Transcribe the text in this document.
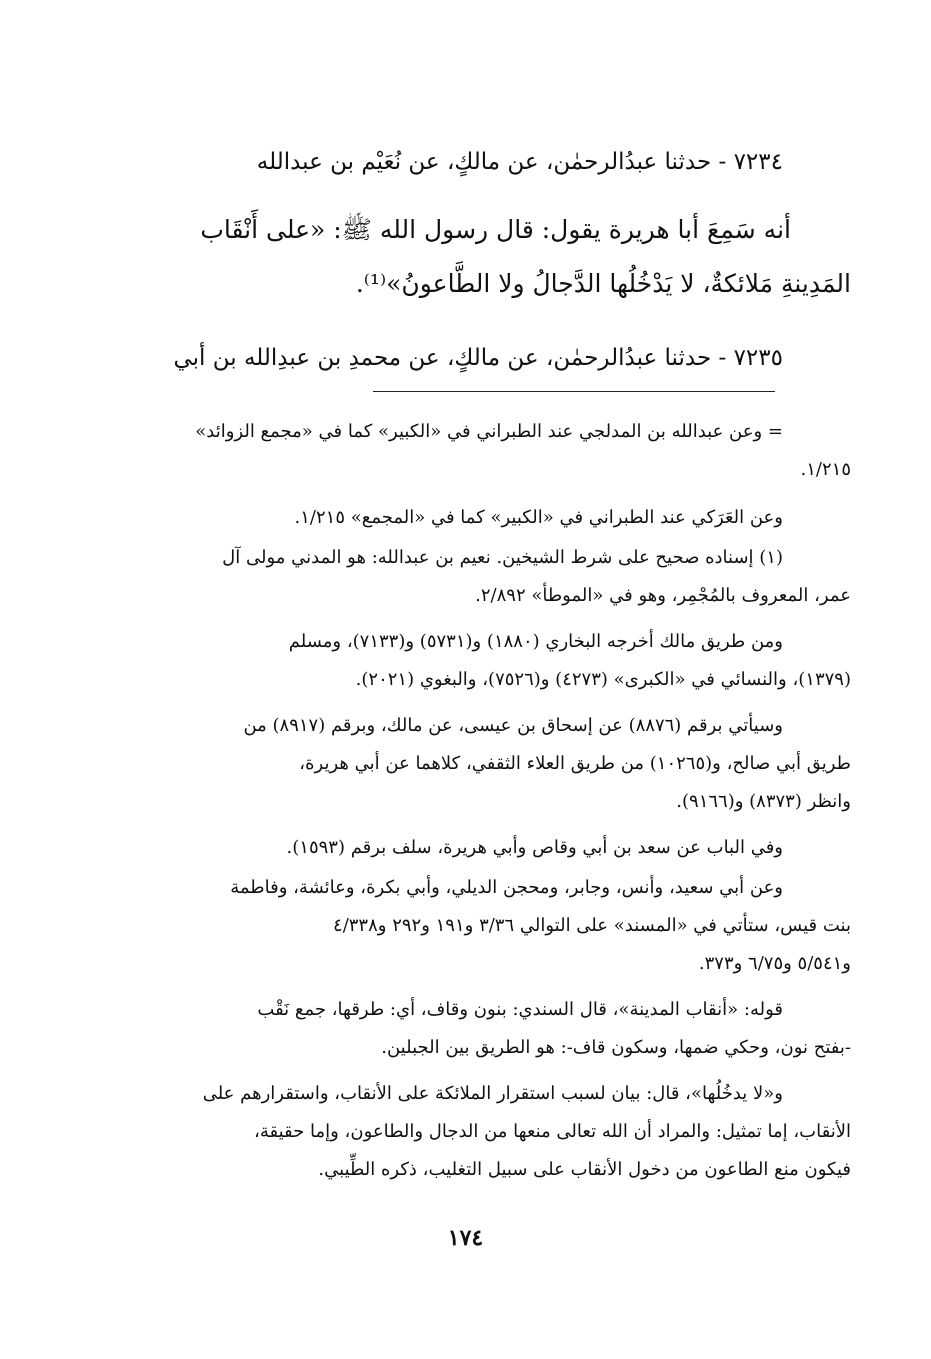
٧٢٣٤ - حدثنا عبدُالرحمٰن، عن مالكٍ، عن نُعَيْم بن عبدالله

أنه سَمِعَ أبا هريرة يقول: قال رسول الله ﷺ: «على أَنْقَاب

المَدِينةِ مَلائكةٌ، لا يَدْخُلُها الدَّجالُ ولا الطَّاعونُ»⁽¹⁾.

٧٢٣٥ - حدثنا عبدُالرحمٰن، عن مالكٍ، عن محمدِ بن عبدِالله بن أبي

= وعن عبدالله بن المدلجي عند الطبراني في «الكبير» كما في «مجمع الزوائد»

١/٢١٥.

وعن العَرَكي عند الطبراني في «الكبير» كما في «المجمع» ١/٢١٥.

(١) إسناده صحيح على شرط الشيخين. نعيم بن عبدالله: هو المدني مولى آل

عمر، المعروف بالمُجْمِر، وهو في «الموطأ» ٢/٨٩٢.

ومن طريق مالك أخرجه البخاري (١٨٨٠) و(٥٧٣١) و(٧١٣٣)، ومسلم

(١٣٧٩)، والنسائي في «الكبرى» (٤٢٧٣) و(٧٥٢٦)، والبغوي (٢٠٢١).

وسيأتي برقم (٨٨٧٦) عن إسحاق بن عيسى، عن مالك، وبرقم (٨٩١٧) من

طريق أبي صالح، و(١٠٢٦٥) من طريق العلاء الثقفي، كلاهما عن أبي هريرة،

وانظر (٨٣٧٣) و(٩١٦٦).

وفي الباب عن سعد بن أبي وقاص وأبي هريرة، سلف برقم (١٥٩٣).

وعن أبي سعيد، وأنس، وجابر، ومحجن الديلي، وأبي بكرة، وعائشة، وفاطمة

بنت قيس، ستأتي في «المسند» على التوالي ٣/٣٦ و١٩١ و٢٩٢ و٤/٣٣٨

و٥/٥٤١ و٦/٧٥ و٣٧٣.

قوله: «أنقاب المدينة»، قال السندي: بنون وقاف، أي: طرقها، جمع نَقْب

-بفتح نون، وحكي ضمها، وسكون قاف-: هو الطريق بين الجبلين.

و«لا يدخُلُها»، قال: بيان لسبب استقرار الملائكة على الأنقاب، واستقرارهم على

الأنقاب، إما تمثيل: والمراد أن الله تعالى منعها من الدجال والطاعون، وإما حقيقة،

فيكون منع الطاعون من دخول الأنقاب على سبيل التغليب، ذكره الطِّيبي.

١٧٤
